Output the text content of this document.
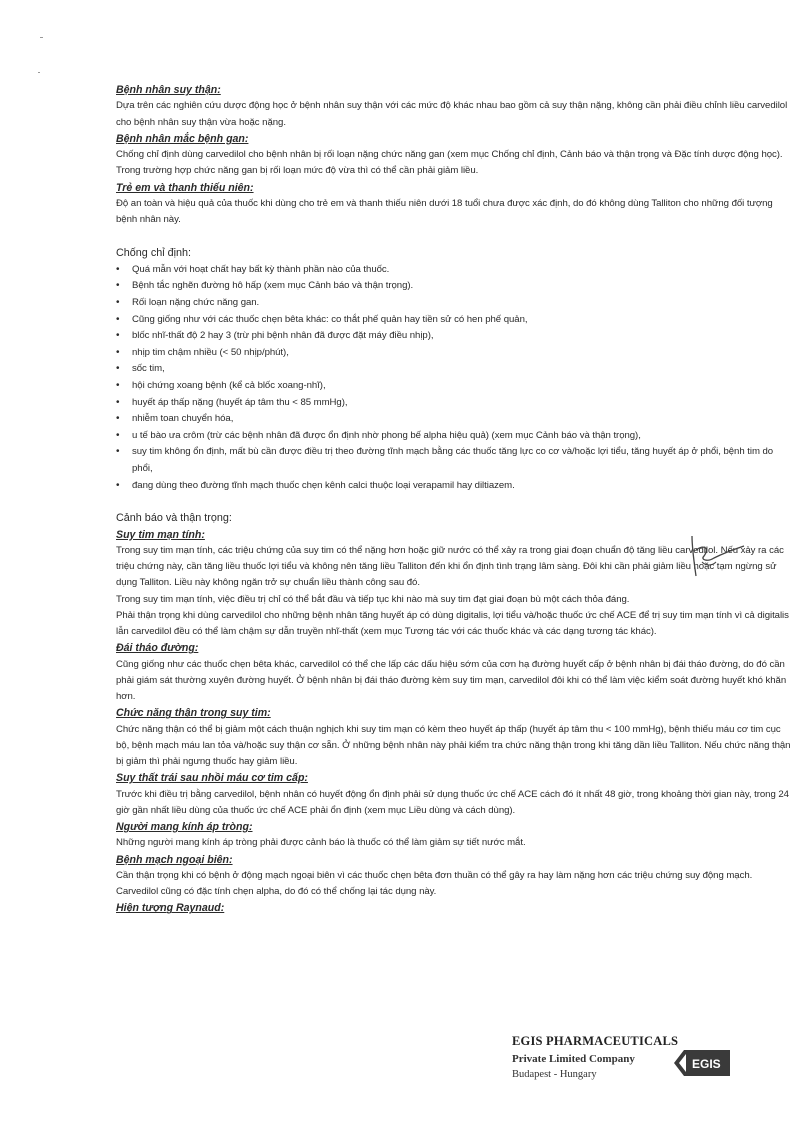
Bệnh nhân suy thận:

Dựa trên các nghiên cứu dược động học ở bệnh nhân suy thận với các mức độ khác nhau bao gồm cả suy thận nặng, không cần phải điều chỉnh liều carvedilol cho bệnh nhân suy thận vừa hoặc nặng.

Bệnh nhân mắc bệnh gan:

Chống chỉ định dùng carvedilol cho bệnh nhân bị rối loạn nặng chức năng gan (xem mục Chống chỉ định, Cảnh báo và thận trọng và Đặc tính dược động học). Trong trường hợp chức năng gan bị rối loạn mức độ vừa thì có thể cần phải giảm liều.

Trẻ em và thanh thiếu niên:

Độ an toàn và hiệu quả của thuốc khi dùng cho trẻ em và thanh thiếu niên dưới 18 tuổi chưa được xác định, do đó không dùng Talliton cho những đối tượng bệnh nhân này.

Chống chỉ định:

• Quá mẫn với hoạt chất hay bất kỳ thành phần nào của thuốc.
• Bệnh tắc nghẽn đường hô hấp (xem mục Cảnh báo và thận trọng).
• Rối loạn nặng chức năng gan.
• Cũng giống như với các thuốc chẹn bêta khác: co thắt phế quản hay tiền sử có hen phế quản,
• blốc nhĩ-thất độ 2 hay 3 (trừ phi bệnh nhân đã được đặt máy điều nhịp),
• nhịp tim chậm nhiều (< 50 nhịp/phút),
• sốc tim,
• hội chứng xoang bệnh (kể cả blốc xoang-nhĩ),
• huyết áp thấp nặng (huyết áp tâm thu < 85 mmHg),
• nhiễm toan chuyển hóa,
• u tế bào ưa crôm (trừ các bệnh nhân đã được ổn định nhờ phong bế alpha hiệu quả) (xem mục Cảnh báo và thận trọng),
• suy tim không ổn định, mất bù cần được điều trị theo đường tĩnh mạch bằng các thuốc tăng lực co cơ và/hoặc lợi tiểu, tăng huyết áp ở phổi, bệnh tim do phổi,
• đang dùng theo đường tĩnh mạch thuốc chẹn kênh calci thuộc loại verapamil hay diltiazem.

Cảnh báo và thận trọng:

Suy tim mạn tính:

Trong suy tim mạn tính, các triệu chứng của suy tim có thể nặng hơn hoặc giữ nước có thể xảy ra trong giai đoạn chuẩn độ tăng liều carvedilol. Nếu xảy ra các triệu chứng này, cần tăng liều thuốc lợi tiểu và không nên tăng liều Talliton đến khi ổn định tình trạng lâm sàng. Đôi khi cần phải giảm liều hoặc tạm ngừng sử dụng Talliton. Liều này không ngăn trở sự chuẩn liều thành công sau đó.

Trong suy tim mạn tính, việc điều trị chỉ có thể bắt đầu và tiếp tục khi nào mà suy tim đạt giai đoạn bù một cách thỏa đáng.

Phải thận trọng khi dùng carvedilol cho những bệnh nhân tăng huyết áp có dùng digitalis, lợi tiểu và/hoặc thuốc ức chế ACE để trị suy tim mạn tính vì cả digitalis lẫn carvedilol đều có thể làm chậm sự dẫn truyền nhĩ-thất (xem mục Tương tác với các thuốc khác và các dạng tương tác khác).

Đái tháo đường:

Cũng giống như các thuốc chẹn bêta khác, carvedilol có thể che lấp các dấu hiệu sớm của cơn hạ đường huyết cấp ở bệnh nhân bị đái tháo đường, do đó cần phải giám sát thường xuyên đường huyết. Ở bệnh nhân bị đái tháo đường kèm suy tim mạn, carvedilol đôi khi có thể làm việc kiểm soát đường huyết khó khăn hơn.

Chức năng thận trong suy tim:

Chức năng thận có thể bị giảm một cách thuận nghịch khi suy tim mạn có kèm theo huyết áp thấp (huyết áp tâm thu < 100 mmHg), bệnh thiếu máu cơ tim cục bộ, bệnh mạch máu lan tỏa và/hoặc suy thận cơ sẵn. Ở những bệnh nhân này phải kiểm tra chức năng thận trong khi tăng dần liều Talliton. Nếu chức năng thận bị giảm thì phải ngưng thuốc hay giảm liều.

Suy thất trái sau nhồi máu cơ tim cấp:

Trước khi điều trị bằng carvedilol, bệnh nhân có huyết động ổn định phải sử dụng thuốc ức chế ACE cách đó ít nhất 48 giờ, trong khoảng thời gian này, trong 24 giờ gần nhất liều dùng của thuốc ức chế ACE phải ổn định (xem mục Liều dùng và cách dùng).

Người mang kính áp tròng:

Những người mang kính áp tròng phải được cảnh báo là thuốc có thể làm giảm sự tiết nước mắt.

Bệnh mạch ngoại biên:

Cần thận trọng khi có bệnh ở động mạch ngoại biên vì các thuốc chẹn bêta đơn thuần có thể gây ra hay làm nặng hơn các triệu chứng suy động mạch. Carvedilol cũng có đặc tính chẹn alpha, do đó có thể chống lại tác dụng này.

Hiện tượng Raynaud:

EGIS PHARMACEUTICALS
Private Limited Company
Budapest - Hungary
EGIS
